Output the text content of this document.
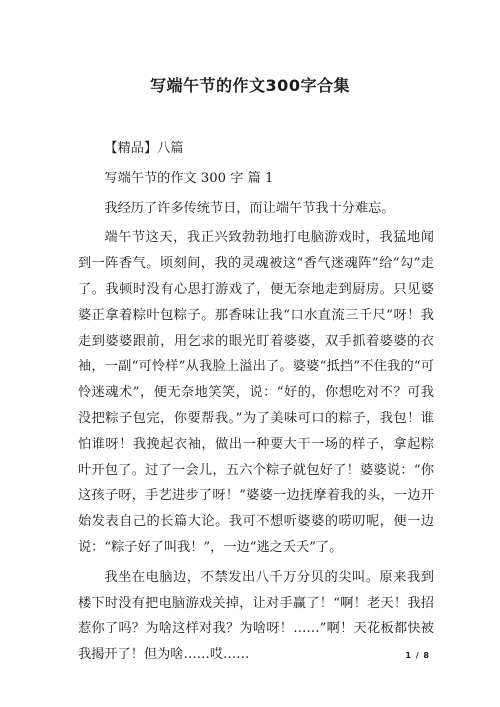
写端午节的作文300字合集

【精品】八篇

写端午节的作文 300 字 篇 1

我经历了许多传统节日，而让端午节我十分难忘。

端午节这天，我正兴致勃勃地打电脑游戏时，我猛地闻到一阵香气。顷刻间，我的灵魂被这“香气迷魂阵”给“勾”走了。我顿时没有心思打游戏了，便无奈地走到厨房。只见婆婆正拿着粽叶包粽子。那香味让我“口水直流三千尺”呀！我走到婆婆跟前，用乞求的眼光盯着婆婆，双手抓着婆婆的衣袖，一副“可怜样”从我脸上溢出了。婆婆“抵挡”不住我的“可怜迷魂术”，便无奈地笑笑，说：“好的，你想吃对不？可我没把粽子包完，你要帮我。”为了美味可口的粽子，我包！谁怕谁呀！我挽起衣袖，做出一种要大干一场的样子，拿起粽叶开包了。过了一会儿，五六个粽子就包好了！婆婆说：“你这孩子呀，手艺进步了呀！”婆婆一边抚摩着我的头，一边开始发表自己的长篇大论。我可不想听婆婆的唠叨呢，便一边说：“粽子好了叫我！”，一边“逃之夭夭”了。

我坐在电脑边，不禁发出八千万分贝的尖叫。原来我到楼下时没有把电脑游戏关掉，让对手赢了！“啊！老天！我招惹你了吗？为啥这样对我？为啥呀！……”啊！天花板都快被我揭开了！但为啥……哎……	1 / 8
